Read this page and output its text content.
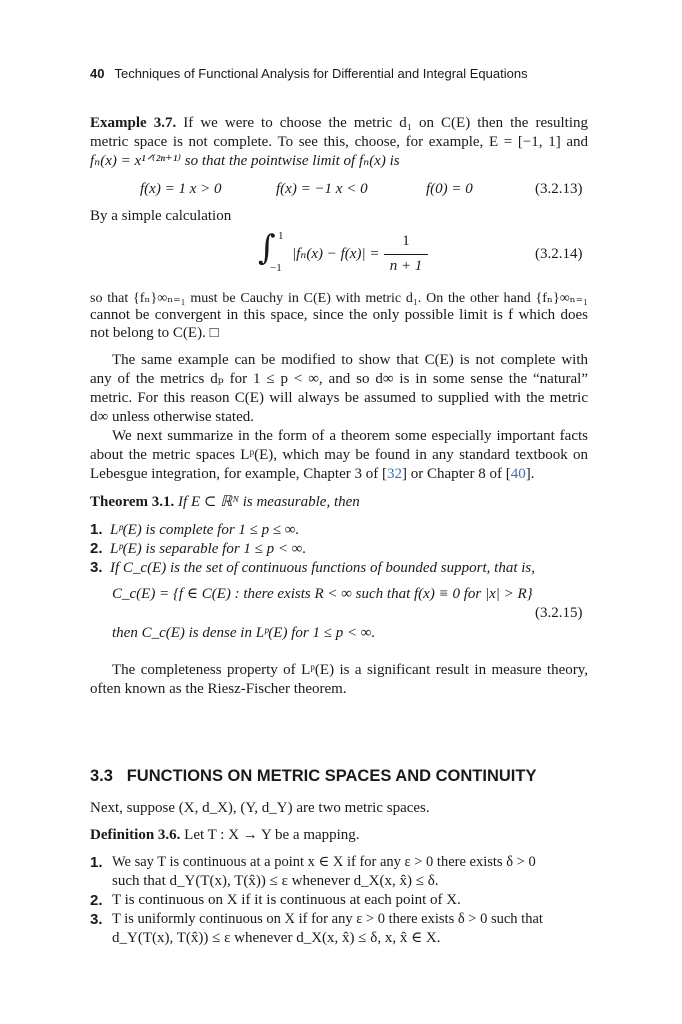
40 Techniques of Functional Analysis for Differential and Integral Equations
Example 3.7. If we were to choose the metric d₁ on C(E) then the resulting
metric space is not complete. To see this, choose, for example, E = [−1, 1] and
fₙ(x) = x¹ᐟ⁽²ⁿ⁺¹⁾ so that the pointwise limit of fₙ(x) is
f(x) = 1 x > 0	f(x) = −1 x < 0	f(0) = 0	(3.2.13)
By a simple calculation
∫ 1
−1
|fₙ(x) − f(x)| =
1
n + 1
(3.2.14)
so that {fₙ}∞ₙ₌₁ must be Cauchy in C(E) with metric d₁. On the other hand {fₙ}∞ₙ₌₁
cannot be convergent in this space, since the only possible limit is f which does
not belong to C(E). □
The same example can be modified to show that C(E) is not complete with
any of the metrics dₚ for 1 ≤ p < ∞, and so d∞ is in some sense the “natural”
metric. For this reason C(E) will always be assumed to supplied with the metric
d∞ unless otherwise stated.
We next summarize in the form of a theorem some especially important facts
about the metric spaces Lᵖ(E), which may be found in any standard textbook on
Lebesgue integration, for example, Chapter 3 of [32] or Chapter 8 of [40].
Theorem 3.1. If E ⊂ ℝᴺ is measurable, then
1. Lᵖ(E) is complete for 1 ≤ p ≤ ∞.
2. Lᵖ(E) is separable for 1 ≤ p < ∞.
3. If C_c(E) is the set of continuous functions of bounded support, that is,
C_c(E) = {f ∈ C(E) : there exists R < ∞ such that f(x) ≡ 0 for |x| > R}
(3.2.15)
then C_c(E) is dense in Lᵖ(E) for 1 ≤ p < ∞.
The completeness property of Lᵖ(E) is a significant result in measure theory,
often known as the Riesz-Fischer theorem.
3.3 FUNCTIONS ON METRIC SPACES AND CONTINUITY
Next, suppose (X, d_X), (Y, d_Y) are two metric spaces.
Definition 3.6. Let T : X → Y be a mapping.
1. We say T is continuous at a point x ∈ X if for any ε > 0 there exists δ > 0
such that d_Y(T(x), T(x̂)) ≤ ε whenever d_X(x, x̂) ≤ δ.
2. T is continuous on X if it is continuous at each point of X.
3. T is uniformly continuous on X if for any ε > 0 there exists δ > 0 such that
d_Y(T(x), T(x̂)) ≤ ε whenever d_X(x, x̂) ≤ δ, x, x̂ ∈ X.
